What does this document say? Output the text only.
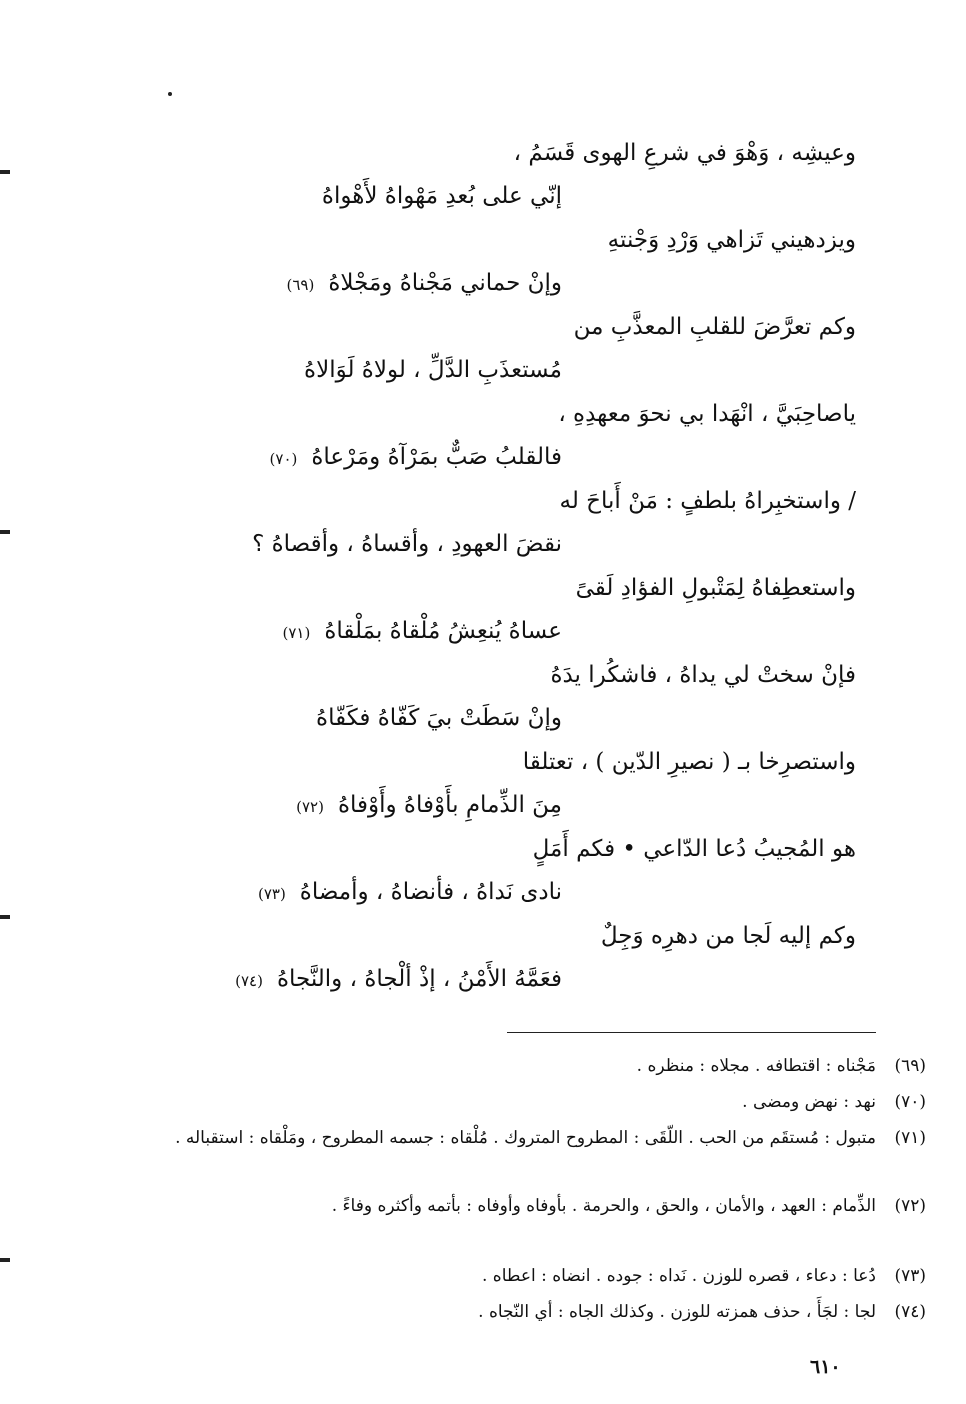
وعيشِه ، وَهْوَ في شرعِ الهوى قَسَمُ ،
إنّي على بُعدِ مَهْواهُ لأَهْواهُ
ويزدهيني تَزاهي وَرْدِ وَجْنتهِ
وإنْ حماني مَجْناهُ ومَجْلاهُ(٦٩)
وكم تعرَّضَ للقلبِ المعذَّبِ من
مُستعذَبِ الدَّلِّ ، لولاهُ لَوَالاهُ
ياصاحِبَيَّ ، انْهَدا بي نحوَ معهدِهِ ،
فالقلبُ صَبٌّ بمَرْآهُ ومَرْعاهُ(٧٠)
/ واستخبِراهُ بلطفٍ : مَنْ أَباحَ له
نقضَ العهودِ ، وأقساهُ ، وأقصاهُ ؟
واستعطِفاهُ لِمَتْبولِ الفؤادِ لَقىً
عساهُ يُنعِشُ مُلْقاهُ بمَلْقاهُ(٧١)
فإنْ سختْ لي يداهُ ، فاشكُرا يدَهُ
وإنْ سَطَتْ بيَ كَفّاهُ فكَفّاهُ
واستصرِخا بـ ( نصيرِ الدّين ) ، تعتلقا
مِنَ الذِّمامِ بأَوْفاهُ وأَوْفاهُ(٧٢)
هو المُجيبُ دُعا الدّاعي • فكم أَمَلٍ
نادى نَداهُ ، فأنضاهُ ، وأمضاهُ(٧٣)
وكم إليه لَجا من دهرِه وَجِلٌ
فعَمَّهُ الأَمْنُ ، إذْ ألْجاهُ ، والنَّجاهُ(٧٤)
(٦٩)
مَجْناه : اقتطافه . مجلاه : منظره .
(٧٠)
نهد : نهض ومضى .
(٧١)
متبول : مُستقَم من الحب . اللّقَى : المطروح المتروك . مُلْقاه : جسمه المطروح ، ومَلْقاه : استقباله .
(٧٢)
الذِّمام : العهد ، والأمان ، والحق ، والحرمة . بأوفاه وأوفاه : بأتمه وأكثره وفاءً .
(٧٣)
دُعا : دعاء ، قصره للوزن . نَداه : جوده . انضاه : اعطاه .
(٧٤)
لجا : لجَأَ ، حذف همزته للوزن . وكذلك الجاه : أي النّجاه .
٦١٠
